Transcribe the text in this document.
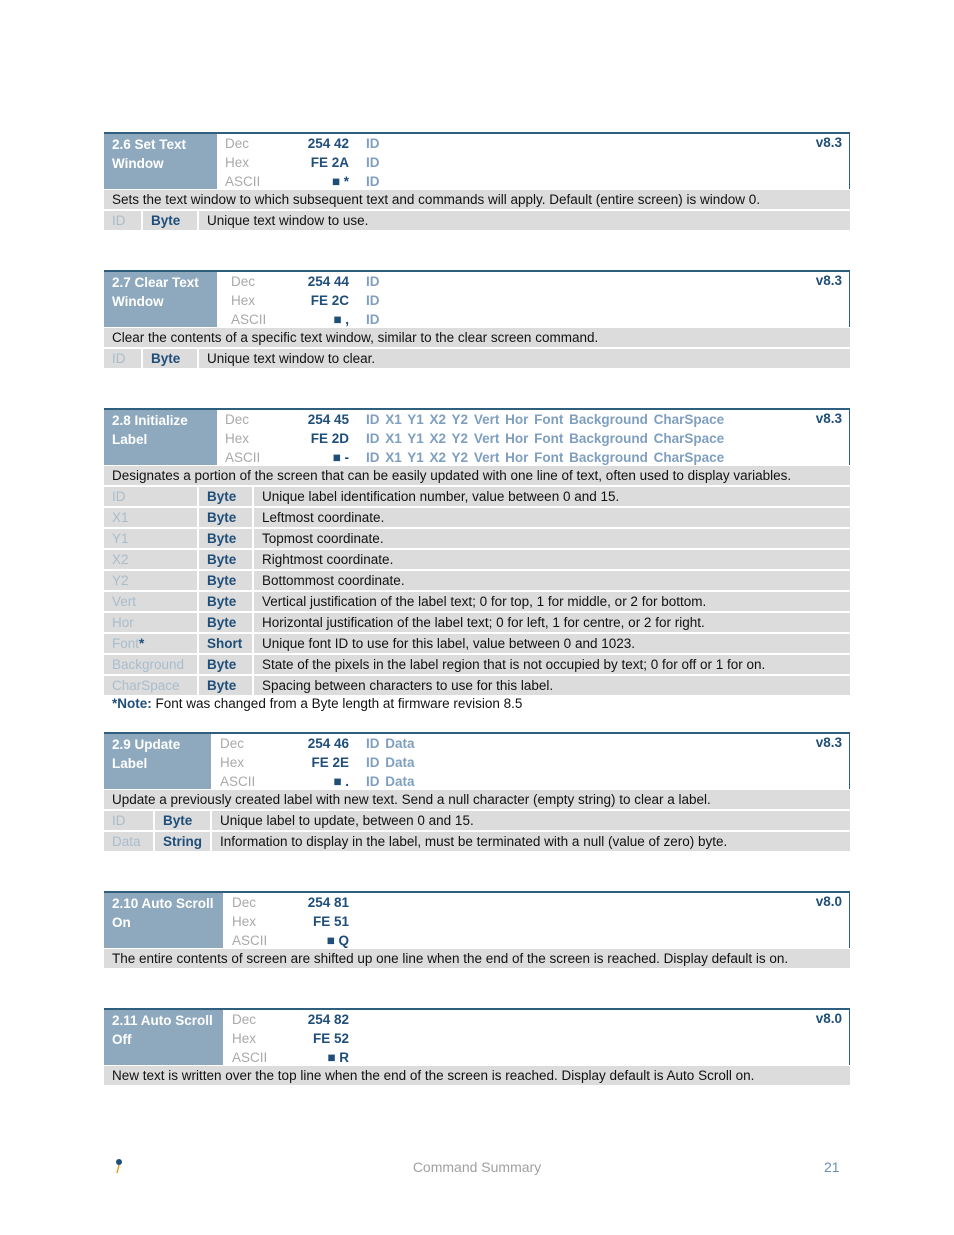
2.6 Set Text
Window
Dec	254 42 ID
Hex	FE 2A ID
ASCII	■ * ID
v8.3
Sets the text window to which subsequent text and commands will apply. Default (entire screen) is window 0.
ID	Byte	Unique text window to use.
2.7 Clear Text
Window
Dec	254 44 ID
Hex	FE 2C ID
ASCII	■ , ID
v8.3
Clear the contents of a specific text window, similar to the clear screen command.
ID	Byte	Unique text window to clear.
2.8 Initialize
Label
Dec	254 45 ID X1 Y1 X2 Y2 Vert Hor Font Background CharSpace
Hex	FE 2D ID X1 Y1 X2 Y2 Vert Hor Font Background CharSpace
ASCII	■ - ID X1 Y1 X2 Y2 Vert Hor Font Background CharSpace
v8.3
Designates a portion of the screen that can be easily updated with one line of text, often used to display variables.
ID	Byte	Unique label identification number, value between 0 and 15.
X1	Byte	Leftmost coordinate.
Y1	Byte	Topmost coordinate.
X2	Byte	Rightmost coordinate.
Y2	Byte	Bottommost coordinate.
Vert	Byte	Vertical justification of the label text; 0 for top, 1 for middle, or 2 for bottom.
Hor	Byte	Horizontal justification of the label text; 0 for left, 1 for centre, or 2 for right.
Font*	Short	Unique font ID to use for this label, value between 0 and 1023.
Background	Byte	State of the pixels in the label region that is not occupied by text; 0 for off or 1 for on.
CharSpace	Byte	Spacing between characters to use for this label.
*Note: Font was changed from a Byte length at firmware revision 8.5
2.9 Update
Label
Dec	254 46 ID Data
Hex	FE 2E ID Data
ASCII	■ . ID Data
v8.3
Update a previously created label with new text. Send a null character (empty string) to clear a label.
ID	Byte	Unique label to update, between 0 and 15.
Data	String	Information to display in the label, must be terminated with a null (value of zero) byte.
2.10 Auto Scroll
On
Dec	254 81
Hex	FE 51
ASCII	■ Q
v8.0
The entire contents of screen are shifted up one line when the end of the screen is reached. Display default is on.
2.11 Auto Scroll
Off
Dec	254 82
Hex	FE 52
ASCII	■ R
v8.0
New text is written over the top line when the end of the screen is reached. Display default is Auto Scroll on.
Command Summary	21
